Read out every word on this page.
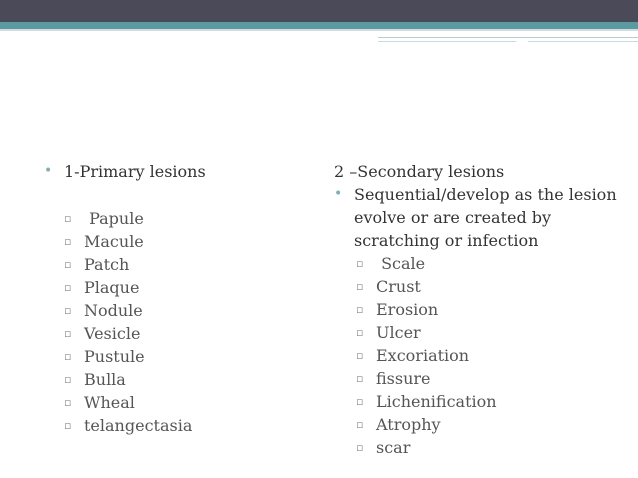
• 1-Primary lesions

▫ Papule
▫ Macule
▫ Patch
▫ Plaque
▫ Nodule
▫ Vesicle
▫ Pustule
▫ Bulla
▫ Wheal
▫ telangectasia

2 –Secondary lesions

• Sequential/develop as the lesion evolve or are created by scratching or infection

▫ Scale
▫ Crust
▫ Erosion
▫ Ulcer
▫ Excoriation
▫ fissure
▫ Lichenification
▫ Atrophy
▫ scar
